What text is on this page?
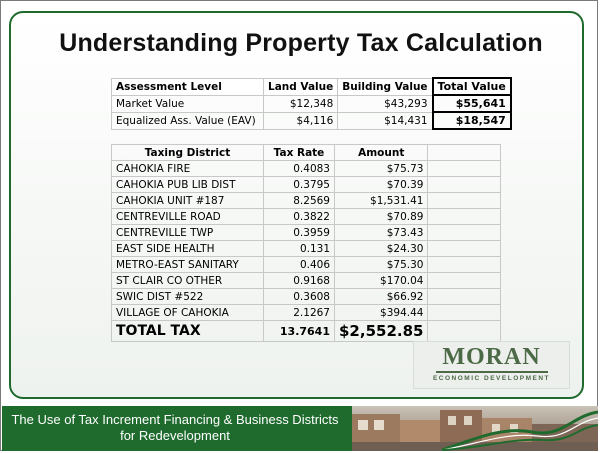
Understanding Property Tax Calculation
Assessment Level	Land Value	Building Value	Total Value
Market Value	$12,348	$43,293	$55,641
Equalized Ass. Value (EAV)	$4,116	$14,431	$18,547
Taxing District	Tax Rate	Amount	
CAHOKIA FIRE	0.4083	$75.73	
CAHOKIA PUB LIB DIST	0.3795	$70.39	
CAHOKIA UNIT #187	8.2569	$1,531.41	
CENTREVILLE ROAD	0.3822	$70.89	
CENTREVILLE TWP	0.3959	$73.43	
EAST SIDE HEALTH	0.131	$24.30	
METRO-EAST SANITARY	0.406	$75.30	
ST CLAIR CO OTHER	0.9168	$170.04	
SWIC DIST #522	0.3608	$66.92	
VILLAGE OF CAHOKIA	2.1267	$394.44	
TOTAL TAX	13.7641	$2,552.85	
MORAN
ECONOMIC DEVELOPMENT
The Use of Tax Increment Financing & Business Districts for Redevelopment
